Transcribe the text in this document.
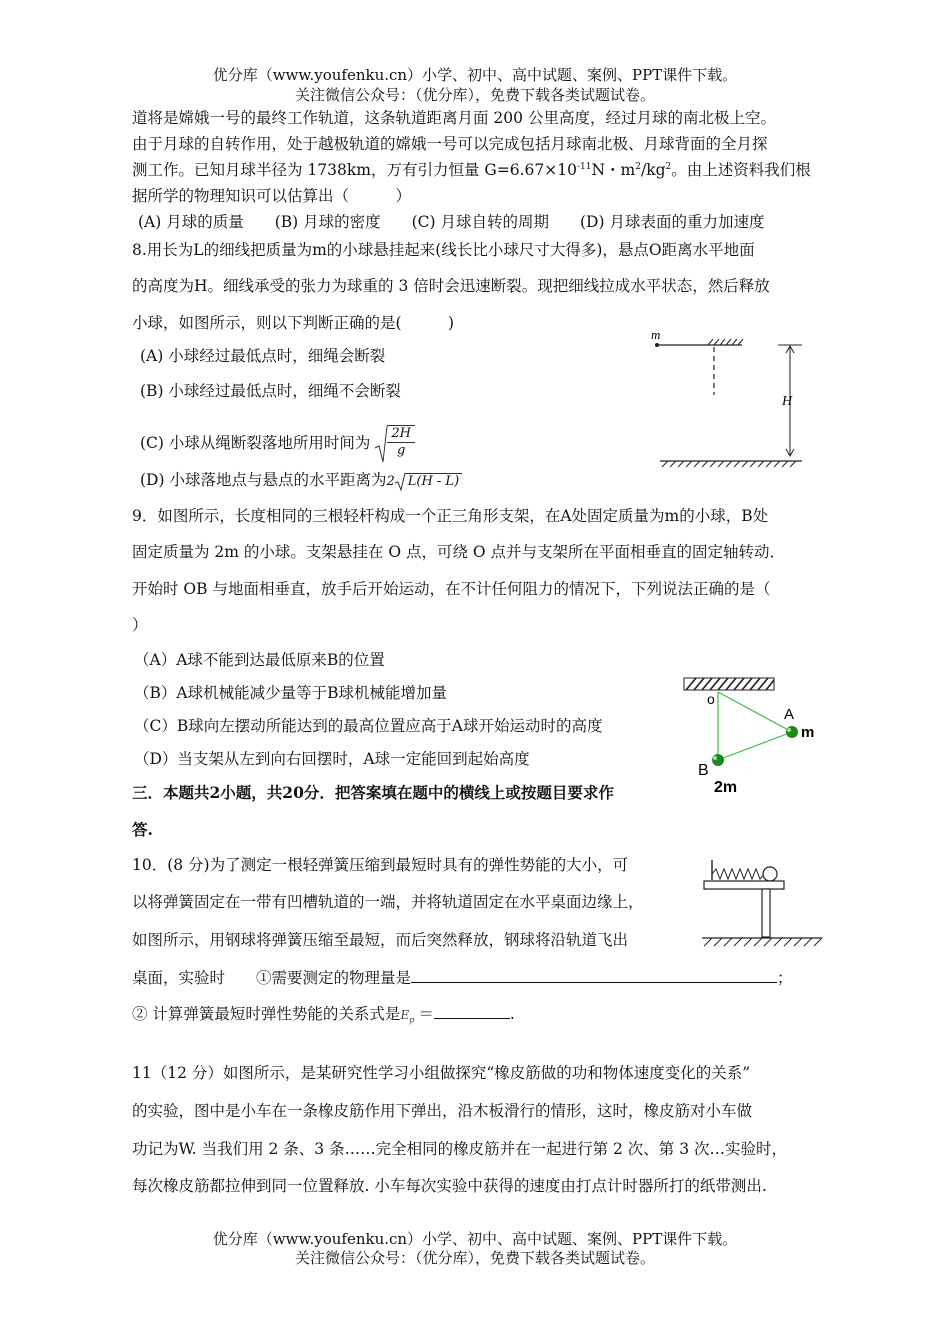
优分库（www.youfenku.cn）小学、初中、高中试题、案例、PPT课件下载。
关注微信公众号：（优分库），免费下载各类试题试卷。
道将是嫦娥一号的最终工作轨道，这条轨道距离月面 200 公里高度，经过月球的南北极上空。
由于月球的自转作用，处于越极轨道的嫦娥一号可以完成包括月球南北极、月球背面的全月探
测工作。已知月球半径为 1738km，万有引力恒量 $G=6.67\times 10^{-11}N$・$m^2/kg^2$。由上述资料我们根
据所学的物理知识可以估算出（　　　）
(A) 月球的质量　　(B) 月球的密度　　(C) 月球自转的周期　　(D) 月球表面的重力加速度
8.用长为L的细线把质量为m的小球悬挂起来(线长比小球尺寸大得多)，悬点O距离水平地面
的高度为H。细线承受的张力为球重的 3 倍时会迅速断裂。现把细线拉成水平状态，然后释放
小球，如图所示，则以下判断正确的是(　　　)
(A) 小球经过最低点时，细绳会断裂
(B) 小球经过最低点时，细绳不会断裂
(C) 小球从绳断裂落地所用时间为 $\frac{2H}{g}$
(D) 小球落地点与悬点的水平距离为2 L(H - L)
m
H
9．如图所示，长度相同的三根轻杆构成一个正三角形支架，在A处固定质量为m的小球，B处
固定质量为 2m 的小球。支架悬挂在 O 点，可绕 O 点并与支架所在平面相垂直的固定轴转动．
开始时 OB 与地面相垂直，放手后开始运动，在不计任何阻力的情况下，下列说法正确的是（
）
（A）A球不能到达最低原来B的位置
（B）A球机械能减少量等于B球机械能增加量
（C）B球向左摆动所能达到的最高位置应高于A球开始运动时的高度
（D）当支架从左到向右回摆时，A球一定能回到起始高度
o
A
m
B
2m
三．本题共2小题，共20分．把答案填在题中的横线上或按题目要求作
答.
10．(8 分)为了测定一根轻弹簧压缩到最短时具有的弹性势能的大小，可
以将弹簧固定在一带有凹槽轨道的一端，并将轨道固定在水平桌面边缘上，
如图所示，用钢球将弹簧压缩至最短，而后突然释放，钢球将沿轨道飞出
桌面，实验时　　①需要测定的物理量是	；
② 计算弹簧最短时弹性势能的关系式是$E_p$ ＝	.
11（12 分）如图所示，是某研究性学习小组做探究“橡皮筋做的功和物体速度变化的关系”
的实验，图中是小车在一条橡皮筋作用下弹出，沿木板滑行的情形，这时，橡皮筋对小车做
功记为W. 当我们用 2 条、3 条……完全相同的橡皮筋并在一起进行第 2 次、第 3 次…实验时，
每次橡皮筋都拉伸到同一位置释放. 小车每次实验中获得的速度由打点计时器所打的纸带测出.
优分库（www.youfenku.cn）小学、初中、高中试题、案例、PPT课件下载。
关注微信公众号：（优分库），免费下载各类试题试卷。
